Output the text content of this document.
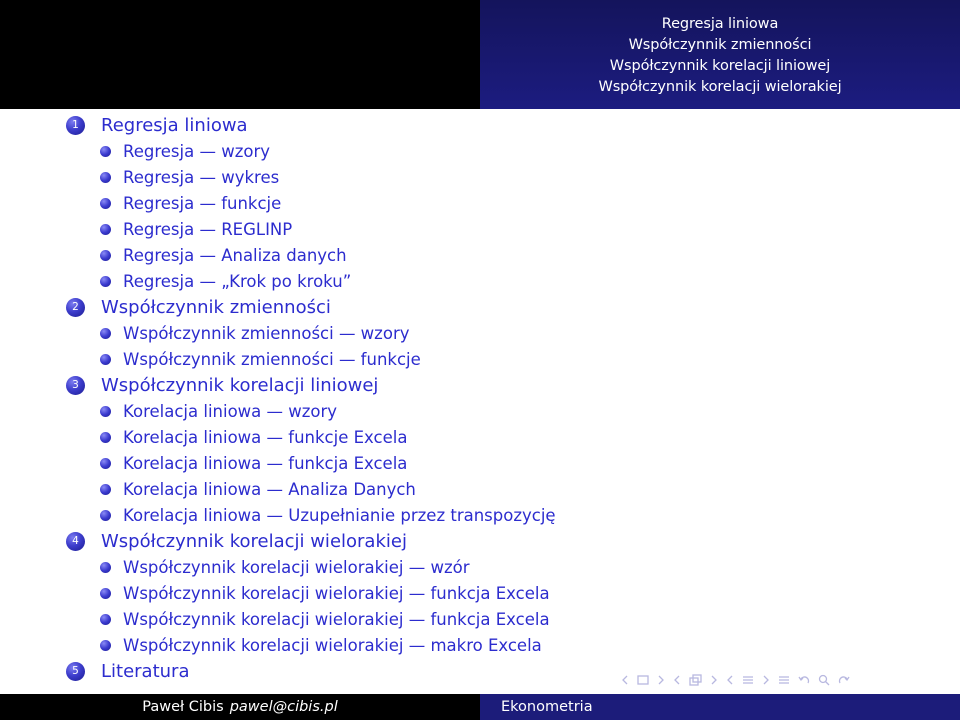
Regresja liniowa
Współczynnik zmienności
Współczynnik korelacji liniowej
Współczynnik korelacji wielorakiej
1	Regresja liniowa
Regresja — wzory
Regresja — wykres
Regresja — funkcje
Regresja — REGLINP
Regresja — Analiza danych
Regresja — „Krok po kroku”
2	Współczynnik zmienności
Współczynnik zmienności — wzory
Współczynnik zmienności — funkcje
3	Współczynnik korelacji liniowej
Korelacja liniowa — wzory
Korelacja liniowa — funkcje Excela
Korelacja liniowa — funkcja Excela
Korelacja liniowa — Analiza Danych
Korelacja liniowa — Uzupełnianie przez transpozycję
4	Współczynnik korelacji wielorakiej
Współczynnik korelacji wielorakiej — wzór
Współczynnik korelacji wielorakiej — funkcja Excela
Współczynnik korelacji wielorakiej — funkcja Excela
Współczynnik korelacji wielorakiej — makro Excela
5	Literatura
Paweł Cibis pawel@cibis.pl	Ekonometria
